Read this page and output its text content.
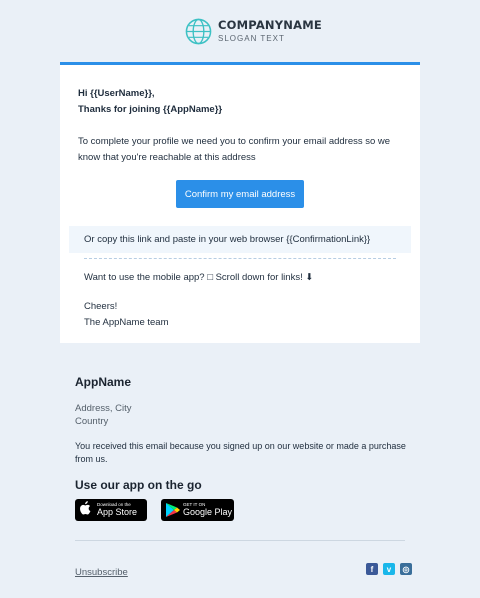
COMPANYNAME
SLOGAN TEXT
Hi {{UserName}},
Thanks for joining {{AppName}}
To complete your profile we need you to confirm your email address so we know that you're reachable at this address
Confirm my email address
Or copy this link and paste in your web browser {{ConfirmationLink}}
Want to use the mobile app? □ Scroll down for links! ⬇
Cheers!
The AppName team
AppName
Address, City
Country
You received this email because you signed up on our website or made a purchase from us.
Use our app on the go
Download on the
App Store
GET IT ON
Google Play
Unsubscribe	f	v	◎
